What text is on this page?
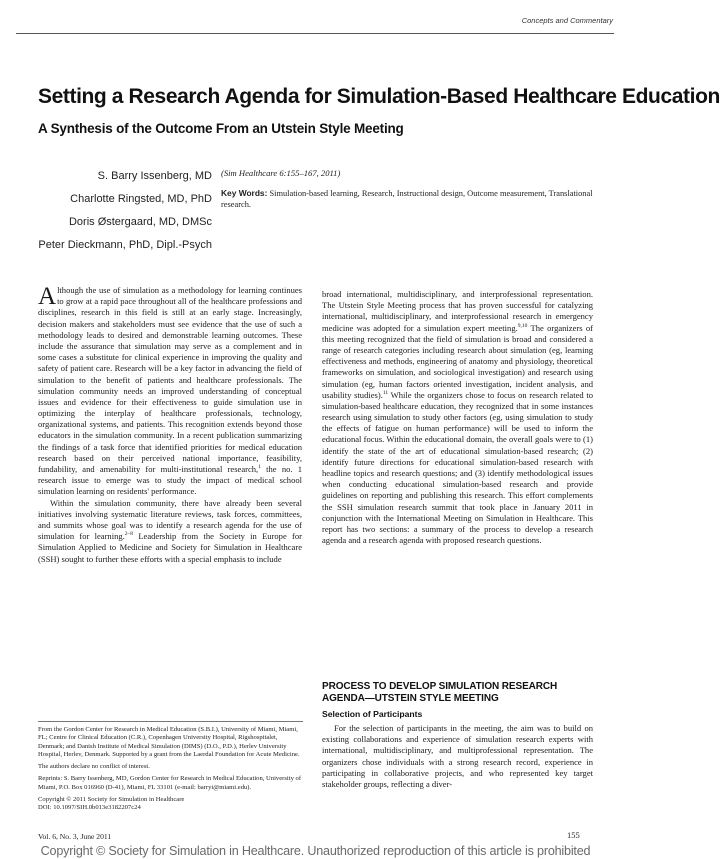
Concepts and Commentary
Setting a Research Agenda for Simulation-Based Healthcare Education
A Synthesis of the Outcome From an Utstein Style Meeting
S. Barry Issenberg, MD
Charlotte Ringsted, MD, PhD
Doris Østergaard, MD, DMSc
Peter Dieckmann, PhD, Dipl.-Psych
(Sim Healthcare 6:155–167, 2011)
Key Words: Simulation-based learning, Research, Instructional design, Outcome measurement, Translational research.

Although the use of simulation as a methodology for learning continues to grow at a rapid pace throughout all of the healthcare professions and disciplines, research in this field is still at an early stage. Increasingly, decision makers and stakeholders must see evidence that the use of such a methodology leads to desired and demonstrable learning outcomes. These include the assurance that simulation may serve as a complement and in some cases a substitute for clinical experience in improving the quality and safety of patient care. Research will be a key factor in advancing the field of simulation to the benefit of patients and healthcare professionals. The simulation community needs an improved understanding of conceptual issues and evidence for their effectiveness to guide simulation use in optimizing the interplay of healthcare professionals, technology, organizational systems, and patients. This recognition extends beyond those educators in the simulation community. In a recent publication summarizing the findings of a task force that identified priorities for medical education research based on their perceived national importance, feasibility, fundability, and amenability for multi-institutional research,$^1$ the no. 1 research issue to emerge was to study the impact of medical school simulation learning on residents' performance.

Within the simulation community, there have already been several initiatives involving systematic literature reviews, task forces, committees, and summits whose goal was to identify a research agenda for the use of simulation for learning.$^{2-8}$ Leadership from the Society in Europe for Simulation Applied to Medicine and Society for Simulation in Healthcare (SSH) sought to further these efforts with a special emphasis to include

broad international, multidisciplinary, and interprofessional representation. The Utstein Style Meeting process that has proven successful for catalyzing international, multidisciplinary, and interprofessional research in emergency medicine was adopted for a simulation expert meeting.$^{9,10}$ The organizers of this meeting recognized that the field of simulation is broad and considered a range of research categories including research about simulation (eg, learning effectiveness and methods, engineering of anatomy and physiology, theoretical frameworks on simulation, and sociological investigation) and research using simulation (eg, human factors oriented investigation, incident analysis, and usability studies).$^{11}$ While the organizers chose to focus on research related to simulation-based healthcare education, they recognized that in some instances research using simulation to study other factors (eg, using simulation to study the effects of fatigue on human performance) will be used to inform the educational focus. Within the educational domain, the overall goals were to (1) identify the state of the art of educational simulation-based research; (2) identify future directions for educational simulation-based research with headline topics and research questions; and (3) identify methodological issues when conducting educational simulation-based research and provide guidelines on reporting and publishing this research. This effort complements the SSH simulation research summit that took place in January 2011 in conjunction with the International Meeting on Simulation in Healthcare. This report has two sections: a summary of the process to develop a research agenda and a research agenda with proposed research questions.

PROCESS TO DEVELOP SIMULATION RESEARCH AGENDA—UTSTEIN STYLE MEETING
Selection of Participants

For the selection of participants in the meeting, the aim was to build on existing collaborations and experience of simulation research experts with international, multidisciplinary, and multiprofessional representation. The organizers chose individuals with a strong research record, experience in participating in collaborative projects, and who represented key target stakeholder groups, reflecting a diver-

From the Gordon Center for Research in Medical Education (S.B.I.), University of Miami, Miami, FL; Centre for Clinical Education (C.R.), Copenhagen University Hospital, Rigshospitalet, Denmark; and Danish Institute of Medical Simulation (DIMS) (D.O., P.D.), Herlev University Hospital, Herlev, Denmark. Supported by a grant from the Laerdal Foundation for Acute Medicine.

The authors declare no conflict of interest.

Reprints: S. Barry Issenberg, MD, Gordon Center for Research in Medical Education, University of Miami, P.O. Box 016960 (D-41), Miami, FL 33101 (e-mail: barryi@miami.edu).

Copyright © 2011 Society for Simulation in Healthcare
DOI: 10.1097/SIH.0b013e3182207c24

Vol. 6, No. 3, June 2011	155
Copyright © Society for Simulation in Healthcare. Unauthorized reproduction of this article is prohibited
